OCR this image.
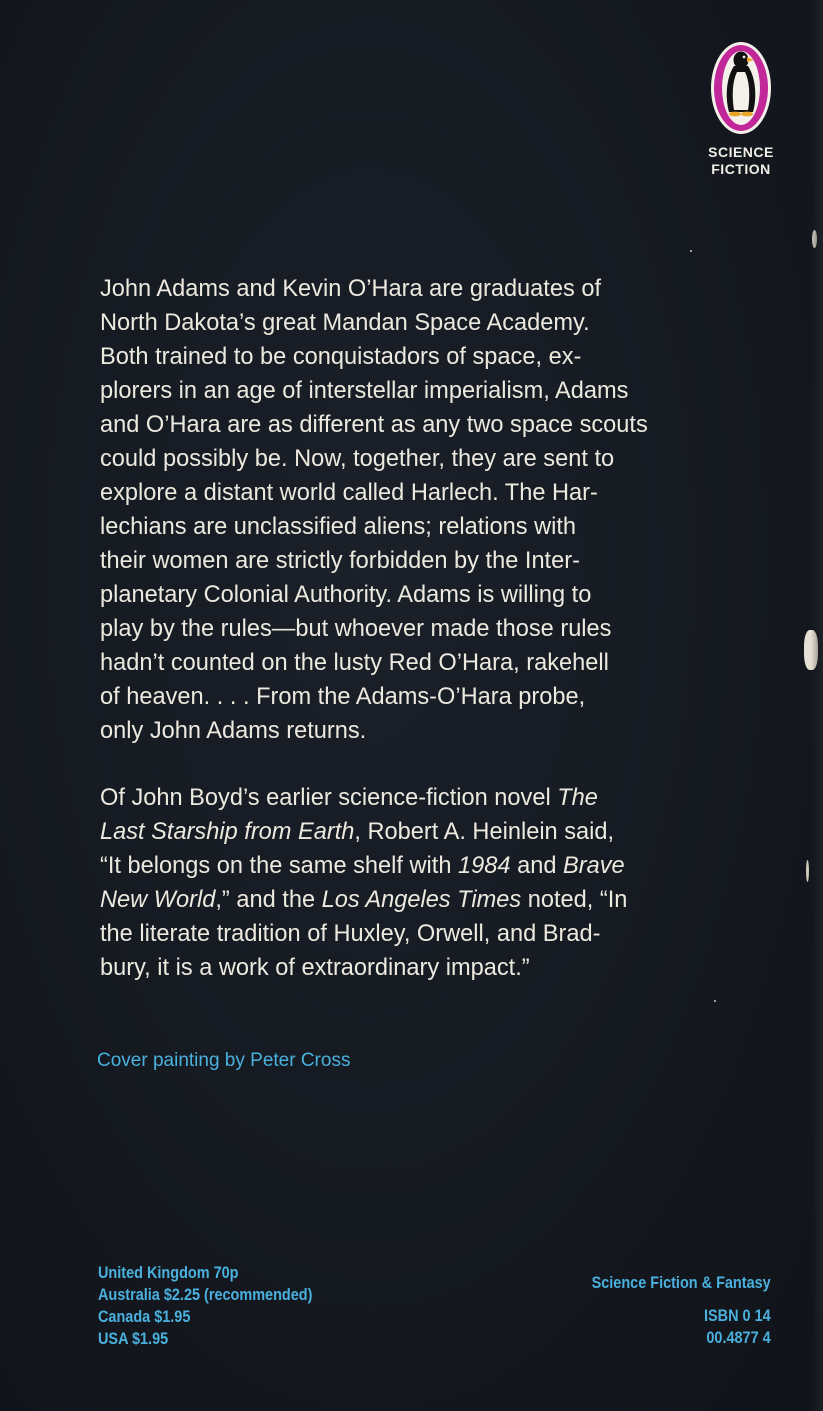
SCIENCE
FICTION

John Adams and Kevin O’Hara are graduates of
North Dakota’s great Mandan Space Academy.
Both trained to be conquistadors of space, ex-
plorers in an age of interstellar imperialism, Adams
and O’Hara are as different as any two space scouts
could possibly be. Now, together, they are sent to
explore a distant world called Harlech. The Har-
lechians are unclassified aliens; relations with
their women are strictly forbidden by the Inter-
planetary Colonial Authority. Adams is willing to
play by the rules—but whoever made those rules
hadn’t counted on the lusty Red O’Hara, rakehell
of heaven. . . . From the Adams-O’Hara probe,
only John Adams returns.

Of John Boyd’s earlier science-fiction novel The
Last Starship from Earth, Robert A. Heinlein said,
“It belongs on the same shelf with 1984 and Brave
New World,” and the Los Angeles Times noted, “In
the literate tradition of Huxley, Orwell, and Brad-
bury, it is a work of extraordinary impact.”

Cover painting by Peter Cross
United Kingdom 70p
Australia $2.25 (recommended)
Canada $1.95
USA $1.95
Science Fiction & Fantasy
ISBN 0 14
00.4877 4
